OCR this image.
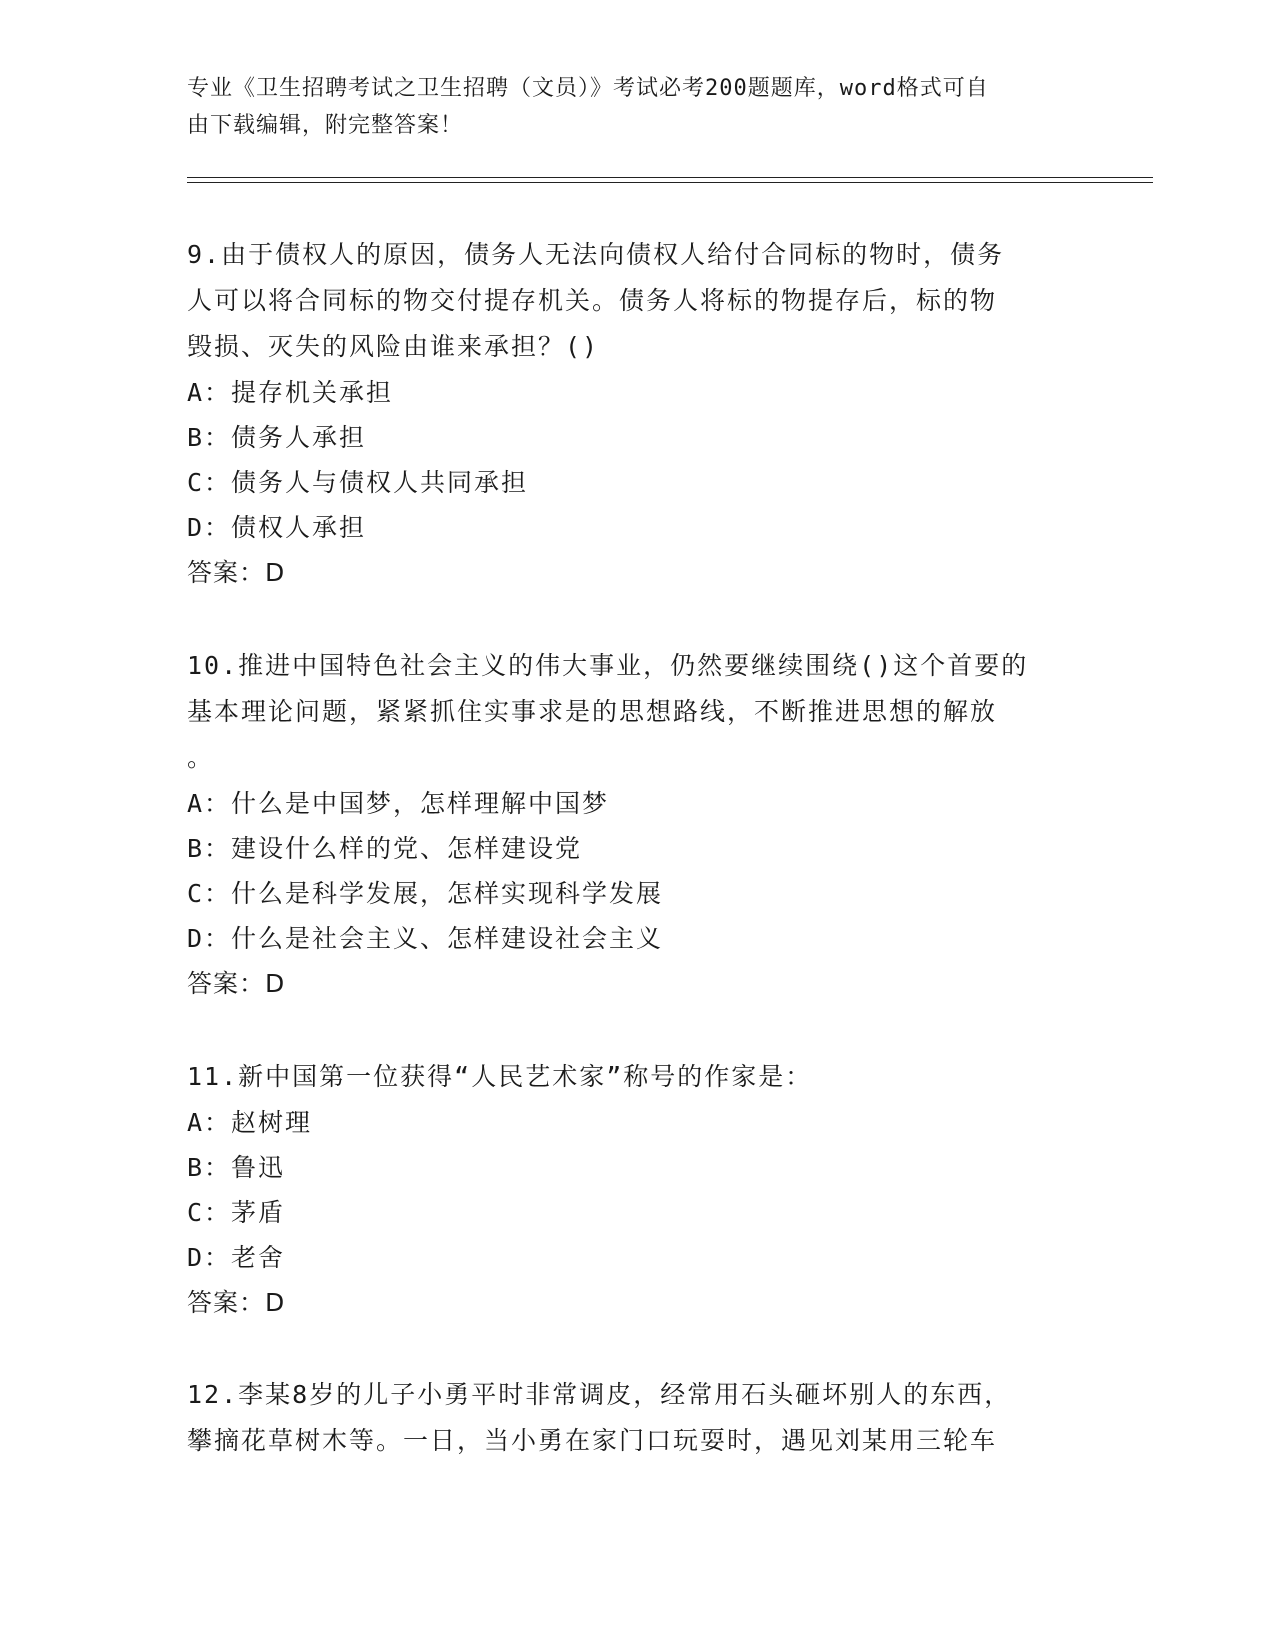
专业《卫生招聘考试之卫生招聘（文员）》考试必考200题题库，word格式可自
由下载编辑，附完整答案！

9.由于债权人的原因，债务人无法向债权人给付合同标的物时，债务

人可以将合同标的物交付提存机关。债务人将标的物提存后，标的物

毁损、灭失的风险由谁来承担？()

A：提存机关承担

B：债务人承担

C：债务人与债权人共同承担

D：债权人承担

答案：D

10.推进中国特色社会主义的伟大事业，仍然要继续围绕()这个首要的

基本理论问题，紧紧抓住实事求是的思想路线，不断推进思想的解放

。

A：什么是中国梦，怎样理解中国梦

B：建设什么样的党、怎样建设党

C：什么是科学发展，怎样实现科学发展

D：什么是社会主义、怎样建设社会主义

答案：D

11.新中国第一位获得“人民艺术家”称号的作家是：

A：赵树理

B：鲁迅

C：茅盾

D：老舍

答案：D

12.李某8岁的儿子小勇平时非常调皮，经常用石头砸坏别人的东西，

攀摘花草树木等。一日，当小勇在家门口玩耍时，遇见刘某用三轮车
